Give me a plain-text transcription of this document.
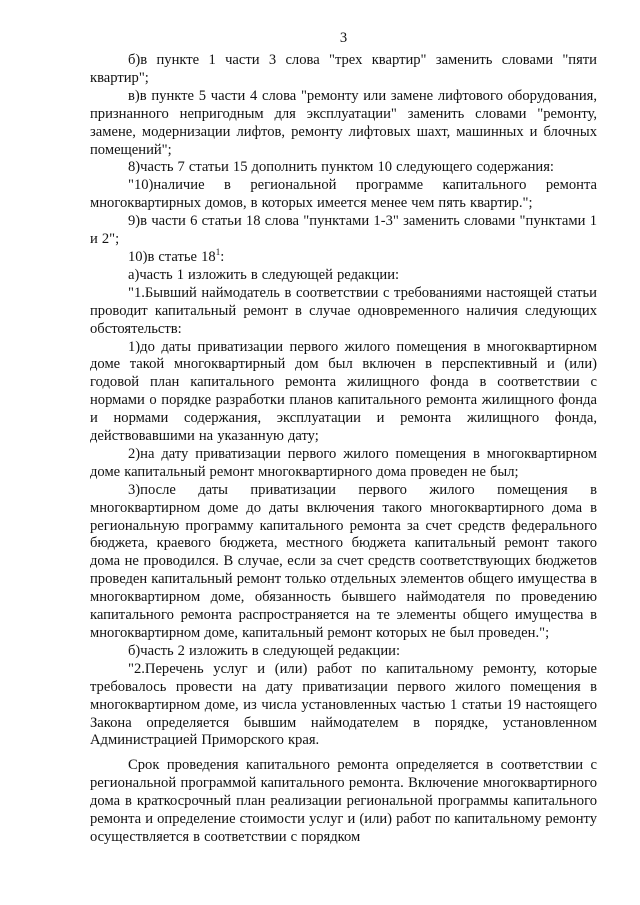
3

б)в пункте 1 части 3 слова "трех квартир" заменить словами "пяти квартир";

в)в пункте 5 части 4 слова "ремонту или замене лифтового оборудования, признанного непригодным для эксплуатации" заменить словами "ремонту, замене, модернизации лифтов, ремонту лифтовых шахт, машинных и блочных помещений";

8)часть 7 статьи 15 дополнить пунктом 10 следующего содержания:

"10)наличие в региональной программе капитального ремонта многоквартирных домов, в которых имеется менее чем пять квартир.";

9)в части 6 статьи 18 слова "пунктами 1-3" заменить словами "пунктами 1 и 2";

10)в статье $18^1$:

а)часть 1 изложить в следующей редакции:

"1.Бывший наймодатель в соответствии с требованиями настоящей статьи проводит капитальный ремонт в случае одновременного наличия следующих обстоятельств:

1)до даты приватизации первого жилого помещения в многоквартирном доме такой многоквартирный дом был включен в перспективный и (или) годовой план капитального ремонта жилищного фонда в соответствии с нормами о порядке разработки планов капитального ремонта жилищного фонда и нормами содержания, эксплуатации и ремонта жилищного фонда, действовавшими на указанную дату;

2)на дату приватизации первого жилого помещения в многоквартирном доме капитальный ремонт многоквартирного дома проведен не был;

3)после даты приватизации первого жилого помещения в многоквартирном доме до даты включения такого многоквартирного дома в региональную программу капитального ремонта за счет средств федерального бюджета, краевого бюджета, местного бюджета капитальный ремонт такого дома не проводился. В случае, если за счет средств соответствующих бюджетов проведен капитальный ремонт только отдельных элементов общего имущества в многоквартирном доме, обязанность бывшего наймодателя по проведению капитального ремонта распространяется на те элементы общего имущества в многоквартирном доме, капитальный ремонт которых не был проведен.";

б)часть 2 изложить в следующей редакции:

"2.Перечень услуг и (или) работ по капитальному ремонту, которые требовалось провести на дату приватизации первого жилого помещения в многоквартирном доме, из числа установленных частью 1 статьи 19 настоящего Закона определяется бывшим наймодателем в порядке, установленном Администрацией Приморского края.

Срок проведения капитального ремонта определяется в соответствии с региональной программой капитального ремонта. Включение многоквартирного дома в краткосрочный план реализации региональной программы капитального ремонта и определение стоимости услуг и (или) работ по капитальному ремонту осуществляется в соответствии с порядком
